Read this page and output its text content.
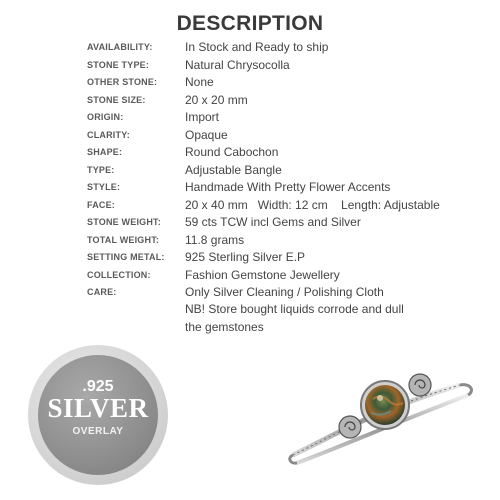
DESCRIPTION
AVAILABILITY:	In Stock and Ready to ship
STONE TYPE:	Natural Chrysocolla
OTHER STONE: None
STONE SIZE:	20 x 20 mm
ORIGIN:	Import
CLARITY:	Opaque
SHAPE:	Round Cabochon
TYPE:	Adjustable Bangle
STYLE:	Handmade With Pretty Flower Accents
FACE:	20 x 40 mm   Width: 12 cm    Length: Adjustable
STONE WEIGHT: 59 cts TCW incl Gems and Silver
TOTAL WEIGHT: 11.8 grams
SETTING METAL: 925 Sterling Silver E.P
COLLECTION:	Fashion Gemstone Jewellery
CARE:	Only Silver Cleaning / Polishing Cloth
NB! Store bought liquids corrode and dull
the gemstones
.925
SILVER
OVERLAY
